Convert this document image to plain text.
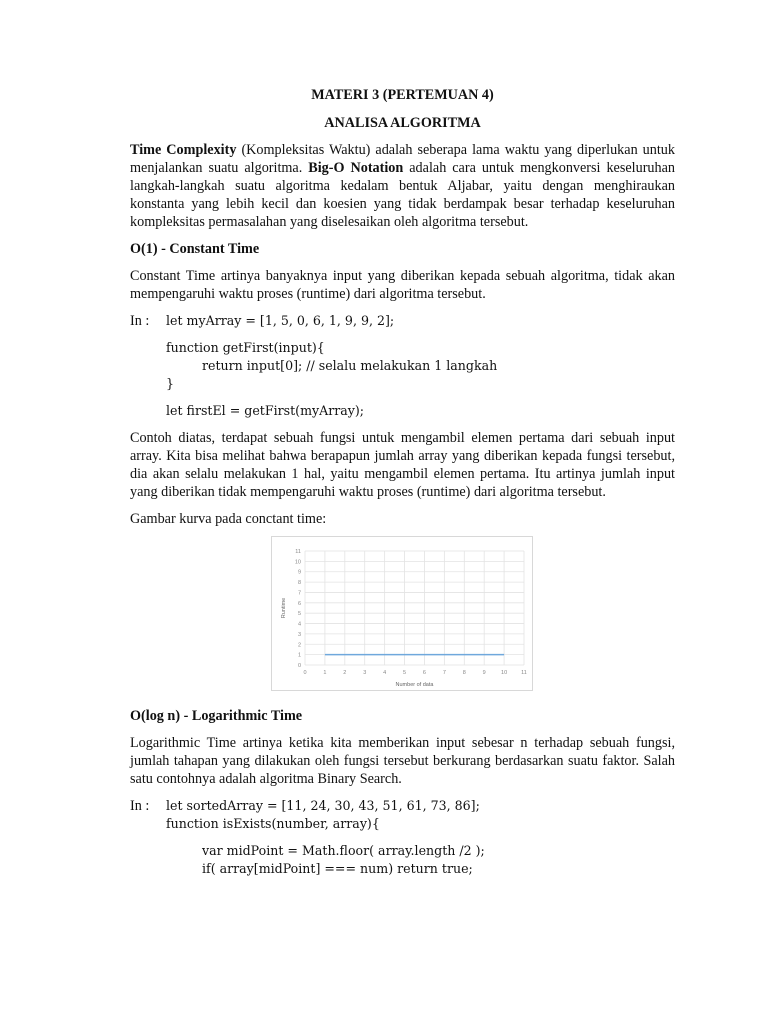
MATERI 3 (PERTEMUAN 4)

ANALISA ALGORITMA

Time Complexity (Kompleksitas Waktu) adalah seberapa lama waktu yang diperlukan untuk menjalankan suatu algoritma. Big-O Notation adalah cara untuk mengkonversi keseluruhan langkah-langkah suatu algoritma kedalam bentuk Aljabar, yaitu dengan menghiraukan konstanta yang lebih kecil dan koesien yang tidak berdampak besar terhadap keseluruhan kompleksitas permasalahan yang diselesaikan oleh algoritma tersebut.

O(1) - Constant Time

Constant Time artinya banyaknya input yang diberikan kepada sebuah algoritma, tidak akan mempengaruhi waktu proses (runtime) dari algoritma tersebut.

In :	let myArray = [1, 5, 0, 6, 1, 9, 9, 2];
function getFirst(input){
return input[0]; // selalu melakukan 1 langkah
}
let firstEl = getFirst(myArray);

Contoh diatas, terdapat sebuah fungsi untuk mengambil elemen pertama dari sebuah input array. Kita bisa melihat bahwa berapapun jumlah array yang diberikan kepada fungsi tersebut, dia akan selalu melakukan 1 hal, yaitu mengambil elemen pertama. Itu artinya jumlah input yang diberikan tidak mempengaruhi waktu proses (runtime) dari algoritma tersebut.

Gambar kurva pada conctant time:

0	1	2	3	4	5	6	7	8	9	10	11
0
1
2
3
4
5
6
7
8
9
10
11
Number of data
Runtime

O(log n) - Logarithmic Time

Logarithmic Time artinya ketika kita memberikan input sebesar n terhadap sebuah fungsi, jumlah tahapan yang dilakukan oleh fungsi tersebut berkurang berdasarkan suatu faktor. Salah satu contohnya adalah algoritma Binary Search.

In :	let sortedArray = [11, 24, 30, 43, 51, 61, 73, 86];
function isExists(number, array){
var midPoint = Math.floor( array.length /2 );
if( array[midPoint] === num) return true;
